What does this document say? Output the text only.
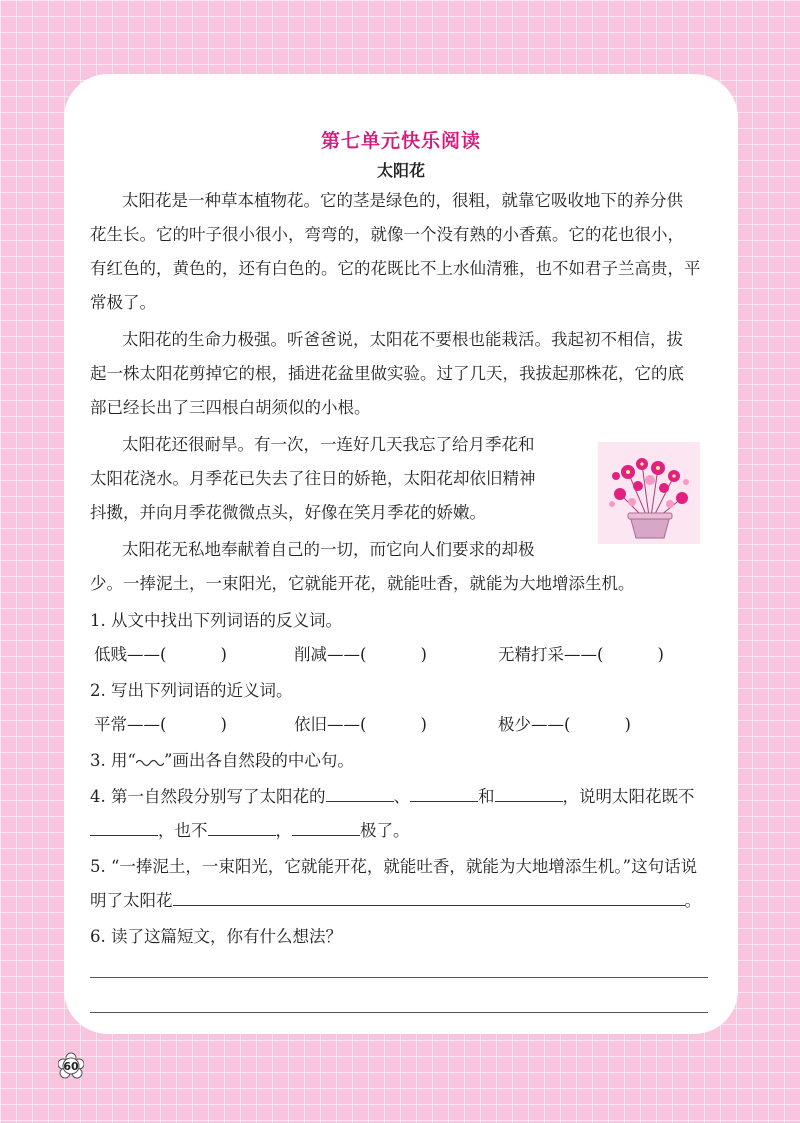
第七单元快乐阅读
太阳花
太阳花是一种草本植物花。它的茎是绿色的，很粗，就靠它吸收地下的养分供
花生长。它的叶子很小很小，弯弯的，就像一个没有熟的小香蕉。它的花也很小，
有红色的，黄色的，还有白色的。它的花既比不上水仙清雅，也不如君子兰高贵，平
常极了。
太阳花的生命力极强。听爸爸说，太阳花不要根也能栽活。我起初不相信，拔
起一株太阳花剪掉它的根，插进花盆里做实验。过了几天，我拔起那株花，它的底
部已经长出了三四根白胡须似的小根。
太阳花还很耐旱。有一次，一连好几天我忘了给月季花和
太阳花浇水。月季花已失去了往日的娇艳，太阳花却依旧精神
抖擞，并向月季花微微点头，好像在笑月季花的娇嫩。
太阳花无私地奉献着自己的一切，而它向人们要求的却极
少。一捧泥土，一束阳光，它就能开花，就能吐香，就能为大地增添生机。
1. 从文中找出下列词语的反义词。
低贱——(	)	削减——(	)	无精打采——(	)
2. 写出下列词语的近义词。
平常——(	)	依旧——(	)	极少——(	)
3. 用“ ”画出各自然段的中心句。
4. 第一自然段分别写了太阳花的	、	和	，说明太阳花既不
，也不	，	极了。
5. “一捧泥土，一束阳光，它就能开花，就能吐香，就能为大地增添生机。”这句话说
明了太阳花	。
6. 读了这篇短文，你有什么想法？
60
